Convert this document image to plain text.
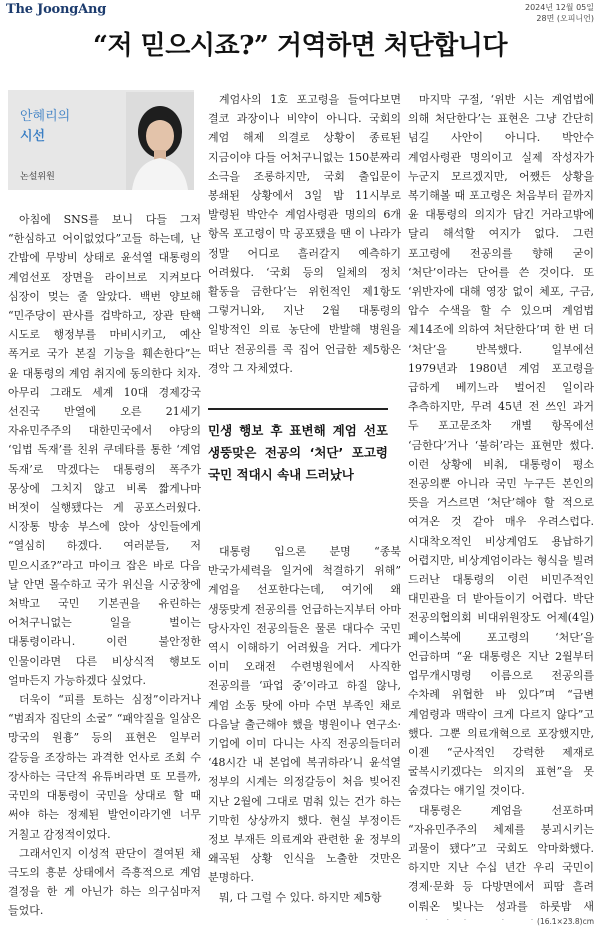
The JoongAng	2024년 12월 05일
28면 (오피니언)
“저 믿으시죠?” 거역하면 처단합니다
안혜리의
시선
논설위원

아침에 SNS를 보니 다들 그저 “한심하고 어이없었다”고들 하는데, 난 간밤에 무방비 상태로 윤석열 대통령의 계엄선포 장면을 라이브로 지켜보다 심장이 멎는 줄 알았다. 백번 양보해 “민주당이 판사를 겁박하고, 장관 탄핵 시도로 행정부를 마비시키고, 예산 폭거로 국가 본질 기능을 훼손한다”는 윤 대통령의 계엄 취지에 동의한다 치자. 아무리 그래도 세계 10대 경제강국 선진국 반열에 오른 21세기 자유민주주의 대한민국에서 야당의 ‘입법 독재’를 친위 쿠데타를 통한 ‘계엄 독재’로 막겠다는 대통령의 폭주가 몽상에 그치지 않고 비록 짧게나마 버젓이 실행됐다는 게 공포스러웠다. 시장통 방송 부스에 앉아 상인들에게 “열심히 하겠다. 여러분들, 저 믿으시죠?”라고 마이크 잡은 바로 다음 날 안면 몰수하고 국가 위신을 시궁창에 처박고 국민 기본권을 유린하는 어처구니없는 일을 벌이는 대통령이라니. 이런 불안정한 인물이라면 다른 비상식적 행보도 얼마든지 가능하겠다 싶었다.

더욱이 “피를 토하는 심정”이라거나 “범죄자 집단의 소굴” “패악질을 일삼은 망국의 원흉” 등의 표현은 일부러 갈등을 조장하는 과격한 언사로 조회 수 장사하는 극단적 유튜버라면 또 모를까, 국민의 대통령이 국민을 상대로 할 때 써야 하는 정제된 발언이라기엔 너무 거칠고 감정적이었다.

그래서인지 이성적 판단이 결여된 채 극도의 흥분 상태에서 즉흥적으로 계엄 결정을 한 게 아닌가 하는 의구심마저 들었다.

계엄사의 1호 포고령을 들여다보면 결코 과장이나 비약이 아니다. 국회의 계엄 해제 의결로 상황이 종료된 지금이야 다들 어처구니없는 150분짜리 소극을 조롱하지만, 국회 출입문이 봉쇄된 상황에서 3일 밤 11시부로 발령된 박안수 계엄사령관 명의의 6개 항목 포고령이 막 공포됐을 땐 이 나라가 정말 어디로 흘러갈지 예측하기 어려웠다. ‘국회 등의 일체의 정치 활동을 금한다’는 위헌적인 제1항도 그렇거니와, 지난 2월 대통령의 일방적인 의료 농단에 반발해 병원을 떠난 전공의를 콕 집어 언급한 제5항은 경악 그 자체였다.

민생 행보 후 표변해 계엄 선포 생뚱맞은 전공의 ‘처단’ 포고령 국민 적대시 속내 드러났나

대통령 입으론 분명 “종북 반국가세력을 일거에 척결하기 위해” 계엄을 선포한다는데, 여기에 왜 생뚱맞게 전공의를 언급하는지부터 아마 당사자인 전공의들은 물론 대다수 국민 역시 이해하기 어려웠을 거다. 게다가 이미 오래전 수련병원에서 사직한 전공의를 ‘파업 중’이라고 하질 않나, 계엄 소동 탓에 아마 수면 부족인 채로 다음날 출근해야 했을 병원이나 연구소·기업에 이미 다니는 사직 전공의들더러 ‘48시간 내 본업에 복귀하라’니 윤석열 정부의 시계는 의정갈등이 처음 빚어진 지난 2월에 그대로 멈춰 있는 건가 하는 기막힌 상상까지 했다. 현실 부정이든 정보 부재든 의료계와 관련한 윤 정부의 왜곡된 상황 인식을 노출한 것만은 분명하다.

뭐, 다 그럴 수 있다. 하지만 제5항

마지막 구절, ‘위반 시는 계엄법에 의해 처단한다’는 표현은 그냥 간단히 넘길 사안이 아니다. 박안수 계엄사령관 명의이고 실제 작성자가 누군지 모르겠지만, 어쨌든 상황을 복기해볼 때 포고령은 처음부터 끝까지 윤 대통령의 의지가 담긴 거라고밖에 달리 해석할 여지가 없다. 그런 포고령에 전공의를 향해 굳이 ‘처단’이라는 단어를 쓴 것이다. 또 ‘위반자에 대해 영장 없이 체포, 구금, 압수 수색을 할 수 있으며 계엄법 제14조에 의하여 처단한다’며 한 번 더 ‘처단’을 반복했다. 일부에선 1979년과 1980년 계엄 포고령을 급하게 베끼느라 벌어진 일이라 추측하지만, 무려 45년 전 쓰인 과거 두 포고문조차 개별 항목에선 ‘금한다’거나 ‘불허’라는 표현만 썼다. 이런 상황에 비춰, 대통령이 평소 전공의뿐 아니라 국민 누구든 본인의 뜻을 거스르면 ‘처단’해야 할 적으로 여겨온 것 같아 매우 우려스럽다. 시대착오적인 비상계엄도 용납하기 어렵지만, 비상계엄이라는 형식을 빌려 드러난 대통령의 이런 비민주적인 대민관을 더 받아들이기 어렵다. 박단 전공의협의회 비대위원장도 어제(4일) 페이스북에 포고령의 ‘처단’을 언급하며 “윤 대통령은 지난 2월부터 업무개시명령 이름으로 전공의를 수차례 위협한 바 있다”며 “급변 계엄령과 맥락이 크게 다르지 않다”고 했다. 그뿐 의료개혁으로 포장했지만, 이젠 “군사적인 강력한 제재로 굴복시키겠다는 의지의 표현”을 못 숨겼다는 얘기일 것이다.

대통령은 계엄을 선포하며 “자유민주주의 체제를 붕괴시키는 괴물이 됐다”고 국회도 악마화했다. 하지만 지난 수십 년간 우리 국민이 경제·문화 등 다방면에서 피땀 흘려 이뤄온 빛나는 성과를 하룻밤 새

(16.1×23.8)cm
